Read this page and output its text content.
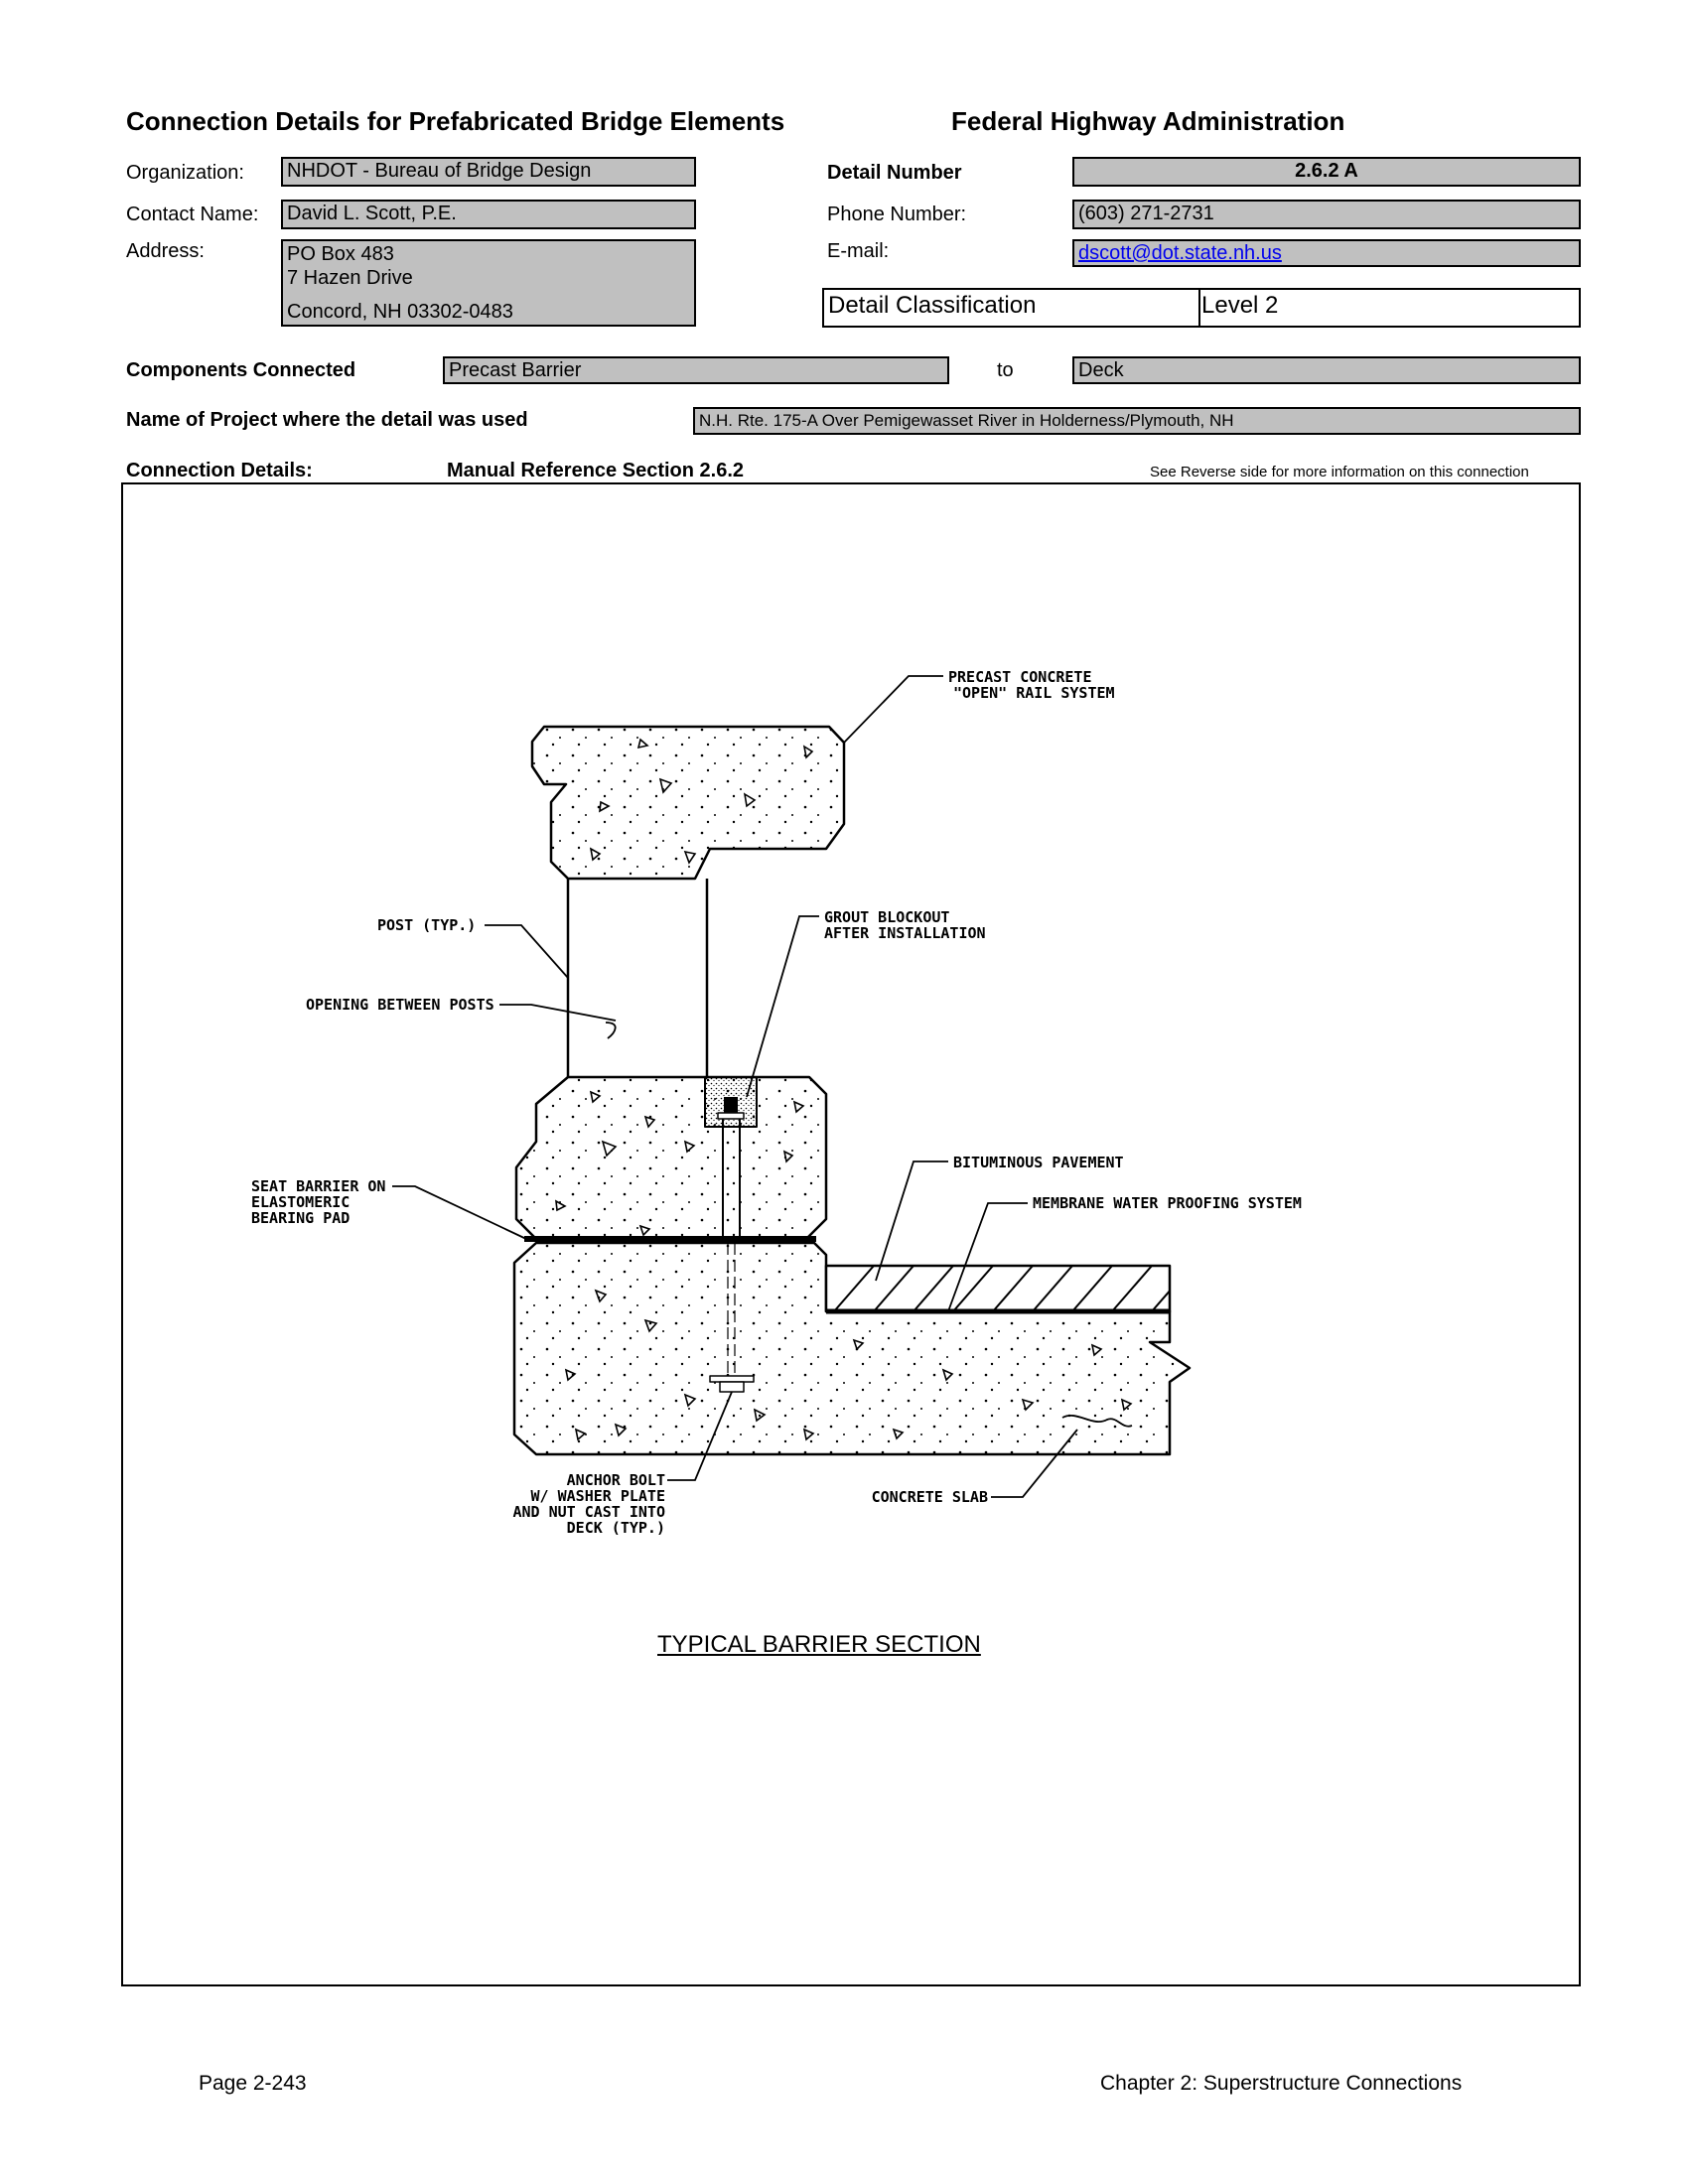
Connection Details for Prefabricated Bridge Elements	Federal Highway Administration
Organization:	NHDOT - Bureau of Bridge Design
Contact Name:	David L. Scott, P.E.
Address:	PO Box 483
7 Hazen Drive
Concord, NH 03302-0483
Detail Number	2.6.2 A
Phone Number:	(603) 271-2731
E-mail:	dscott@dot.state.nh.us
Detail Classification	Level 2
Components Connected	Precast Barrier	to	Deck
Name of Project where the detail was used	N.H. Rte. 175-A Over Pemigewasset River in Holderness/Plymouth, NH
Connection Details:	Manual Reference Section 2.6.2	See Reverse side for more information on this connection
PRECAST CONCRETE
"OPEN" RAIL SYSTEM
POST (TYP.)	GROUT BLOCKOUT
AFTER INSTALLATION
OPENING BETWEEN POSTS
BITUMINOUS PAVEMENT
MEMBRANE WATER PROOFING SYSTEM
SEAT BARRIER ON
ELASTOMERIC
BEARING PAD
ANCHOR BOLT
W/ WASHER PLATE
AND NUT CAST INTO
DECK (TYP.)
CONCRETE SLAB
TYPICAL BARRIER SECTION
Page 2-243	Chapter 2: Superstructure Connections
